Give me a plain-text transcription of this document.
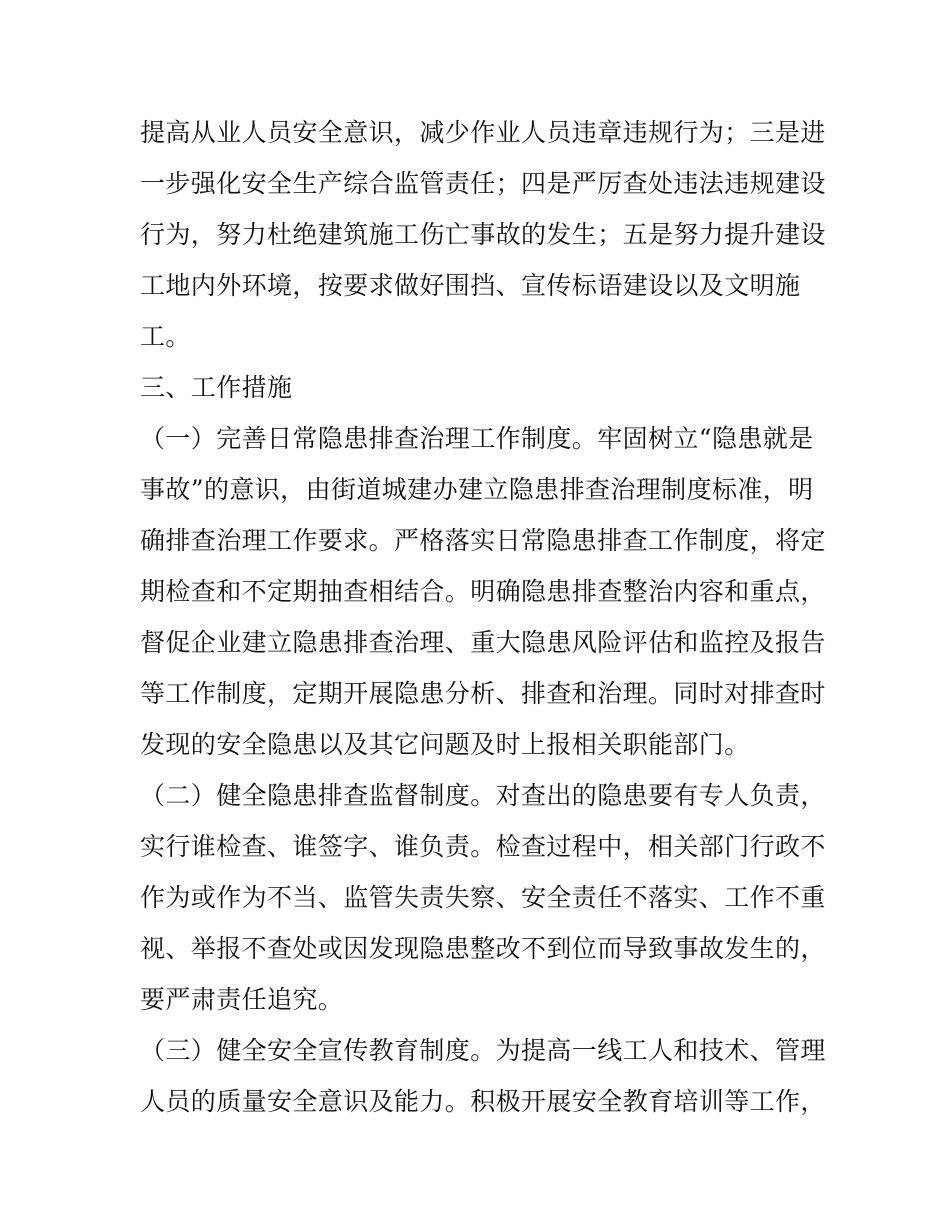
提高从业人员安全意识，减少作业人员违章违规行为；三是进

一步强化安全生产综合监管责任；四是严厉查处违法违规建设

行为，努力杜绝建筑施工伤亡事故的发生；五是努力提升建设

工地内外环境，按要求做好围挡、宣传标语建设以及文明施

工。

三、工作措施

（一）完善日常隐患排查治理工作制度。牢固树立“隐患就是

事故”的意识，由街道城建办建立隐患排查治理制度标准，明

确排查治理工作要求。严格落实日常隐患排查工作制度，将定

期检查和不定期抽查相结合。明确隐患排查整治内容和重点，

督促企业建立隐患排查治理、重大隐患风险评估和监控及报告

等工作制度，定期开展隐患分析、排查和治理。同时对排查时

发现的安全隐患以及其它问题及时上报相关职能部门。

（二）健全隐患排查监督制度。对查出的隐患要有专人负责，

实行谁检查、谁签字、谁负责。检查过程中，相关部门行政不

作为或作为不当、监管失责失察、安全责任不落实、工作不重

视、举报不查处或因发现隐患整改不到位而导致事故发生的，

要严肃责任追究。

（三）健全安全宣传教育制度。为提高一线工人和技术、管理

人员的质量安全意识及能力。积极开展安全教育培训等工作，
